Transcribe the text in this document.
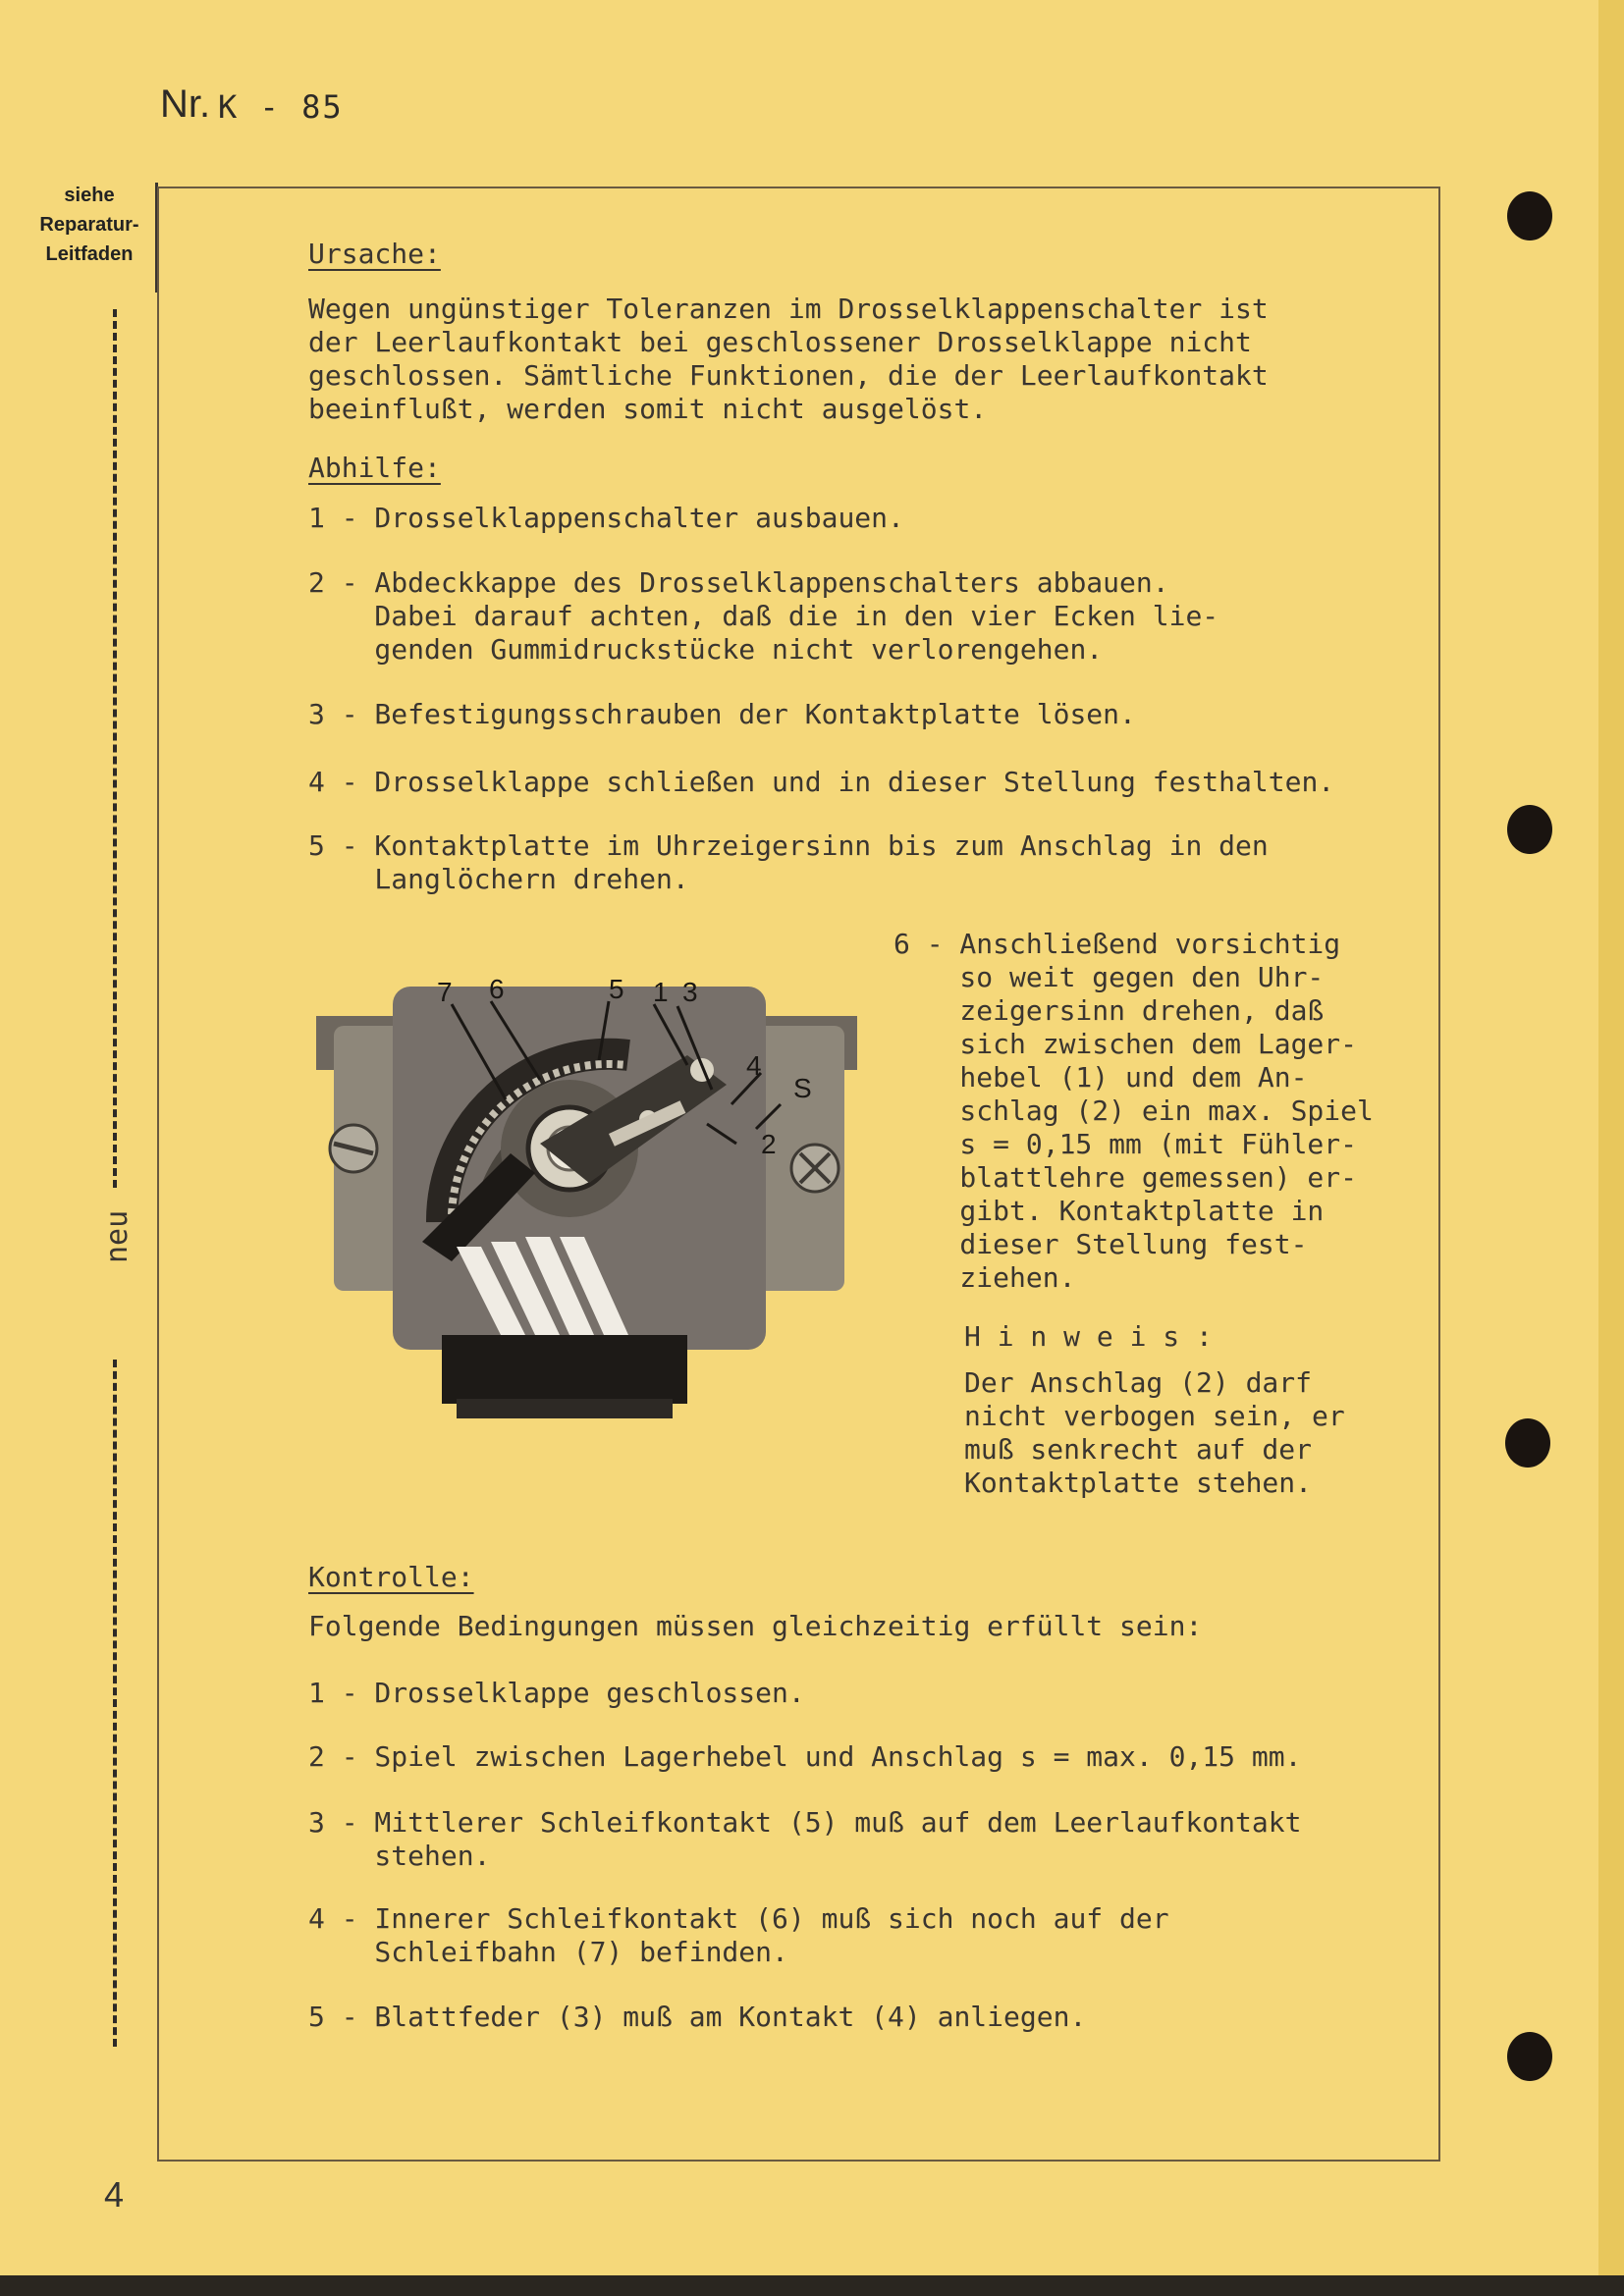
Nr. K - 85
siehe
Reparatur-
Leitfaden
neu
Ursache:
Wegen ungünstiger Toleranzen im Drosselklappenschalter ist
der Leerlaufkontakt bei geschlossener Drosselklappe nicht
geschlossen. Sämtliche Funktionen, die der Leerlaufkontakt
beeinflußt, werden somit nicht ausgelöst.
Abhilfe:
1 - Drosselklappenschalter ausbauen.
2 - Abdeckkappe des Drosselklappenschalters abbauen.
Dabei darauf achten, daß die in den vier Ecken lie-
genden Gummidruckstücke nicht verlorengehen.
3 - Befestigungsschrauben der Kontaktplatte lösen.
4 - Drosselklappe schließen und in dieser Stellung festhalten.
5 - Kontaktplatte im Uhrzeigersinn bis zum Anschlag in den
Langlöchern drehen.
6 - Anschließend vorsichtig
so weit gegen den Uhr-
zeigersinn drehen, daß
sich zwischen dem Lager-
hebel (1) und dem An-
schlag (2) ein max. Spiel
s = 0,15 mm (mit Fühler-
blattlehre gemessen) er-
gibt. Kontaktplatte in
dieser Stellung fest-
ziehen.
H i n w e i s :
Der Anschlag (2) darf
nicht verbogen sein, er
muß senkrecht auf der
Kontaktplatte stehen.
7 6	5 1 3
4
S
2
Kontrolle:
Folgende Bedingungen müssen gleichzeitig erfüllt sein:
1 - Drosselklappe geschlossen.
2 - Spiel zwischen Lagerhebel und Anschlag s = max. 0,15 mm.
3 - Mittlerer Schleifkontakt (5) muß auf dem Leerlaufkontakt
stehen.
4 - Innerer Schleifkontakt (6) muß sich noch auf der
Schleifbahn (7) befinden.
5 - Blattfeder (3) muß am Kontakt (4) anliegen.
4
